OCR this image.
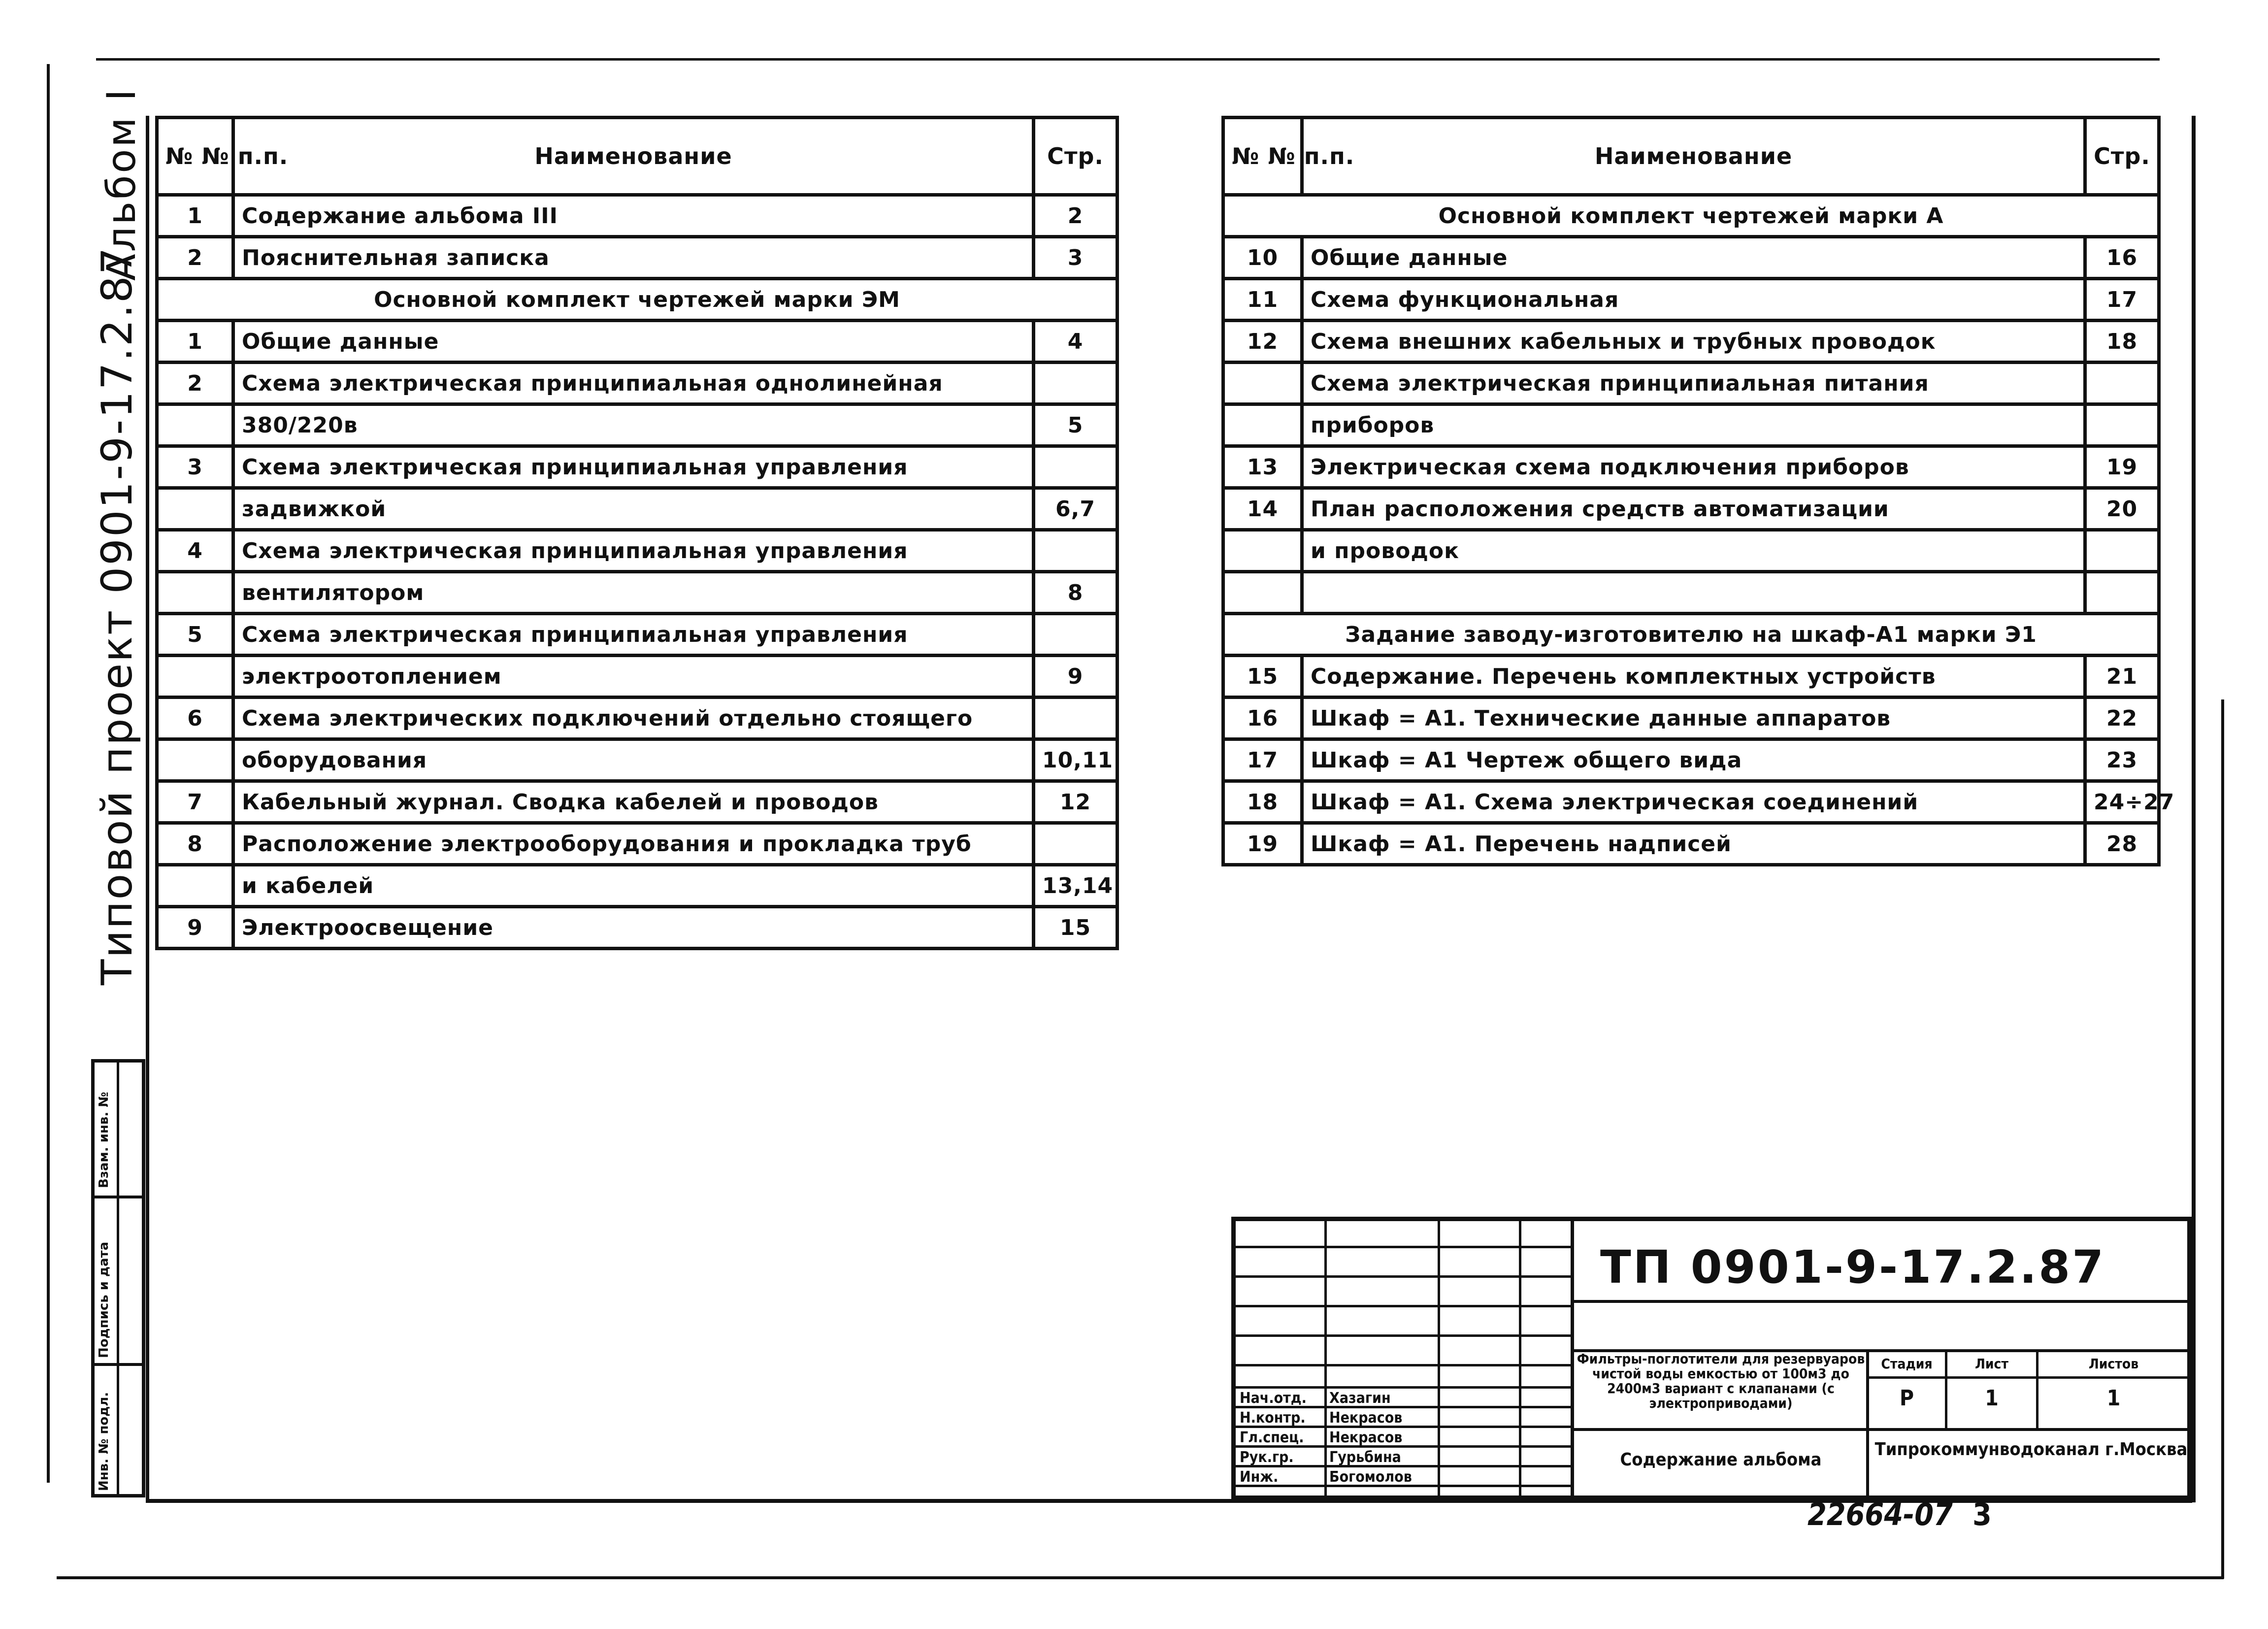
Альбом I
Типовой проект 0901-9-17.2.87
Инв. № подл.
Подпись и дата
Взам. инв. №
№ № п.п.	Наименование	Стр.
1	Содержание альбома III	2
2	Пояснительная записка	3
Основной комплект чертежей марки ЭМ		
1	Общие данные	4
2	Схема электрическая принципиальная однолинейная	
	380/220в	5
3	Схема электрическая принципиальная управления	
	задвижкой	6,7
4	Схема электрическая принципиальная управления	
	вентилятором	8
5	Схема электрическая принципиальная управления	
	электроотоплением	9
6	Схема электрических подключений отдельно стоящего	
	оборудования	10,11
7	Кабельный журнал. Сводка кабелей и проводов	12
8	Расположение электрооборудования и прокладка труб	
	и кабелей	13,14
9	Электроосвещение	15
№ № п.п.	Наименование	Стр.
Основной комплект чертежей марки А		
10	Общие данные	16
11	Схема функциональная	17
12	Схема внешних кабельных и трубных проводок	18
	Схема электрическая принципиальная питания	
	приборов	
13	Электрическая схема подключения приборов	19
14	План расположения средств автоматизации	20
	и проводок	

Задание заводу-изготовителю на шкаф-А1 марки Э1		
15	Содержание. Перечень комплектных устройств	21
16	Шкаф = А1. Технические данные аппаратов	22
17	Шкаф = А1 Чертеж общего вида	23
18	Шкаф = А1. Схема электрическая соединений	24÷27
19	Шкаф = А1. Перечень надписей	28
Нач.отд. Хазагин
Н.контр. Некрасов
Гл.спец. Некрасов
Рук.гр. Гурьбина
Инж.	Богомолов
ТП 0901-9-17.2.87
Фильтры-поглотители для резервуаров чистой воды емкостью от 100м3 до 2400м3 вариант с клапанами (с электроприводами)
Стадия	Лист	Листов
Р	1	1
Содержание альбома
Типрокоммунводоканал г.Москва
22664-07 3
